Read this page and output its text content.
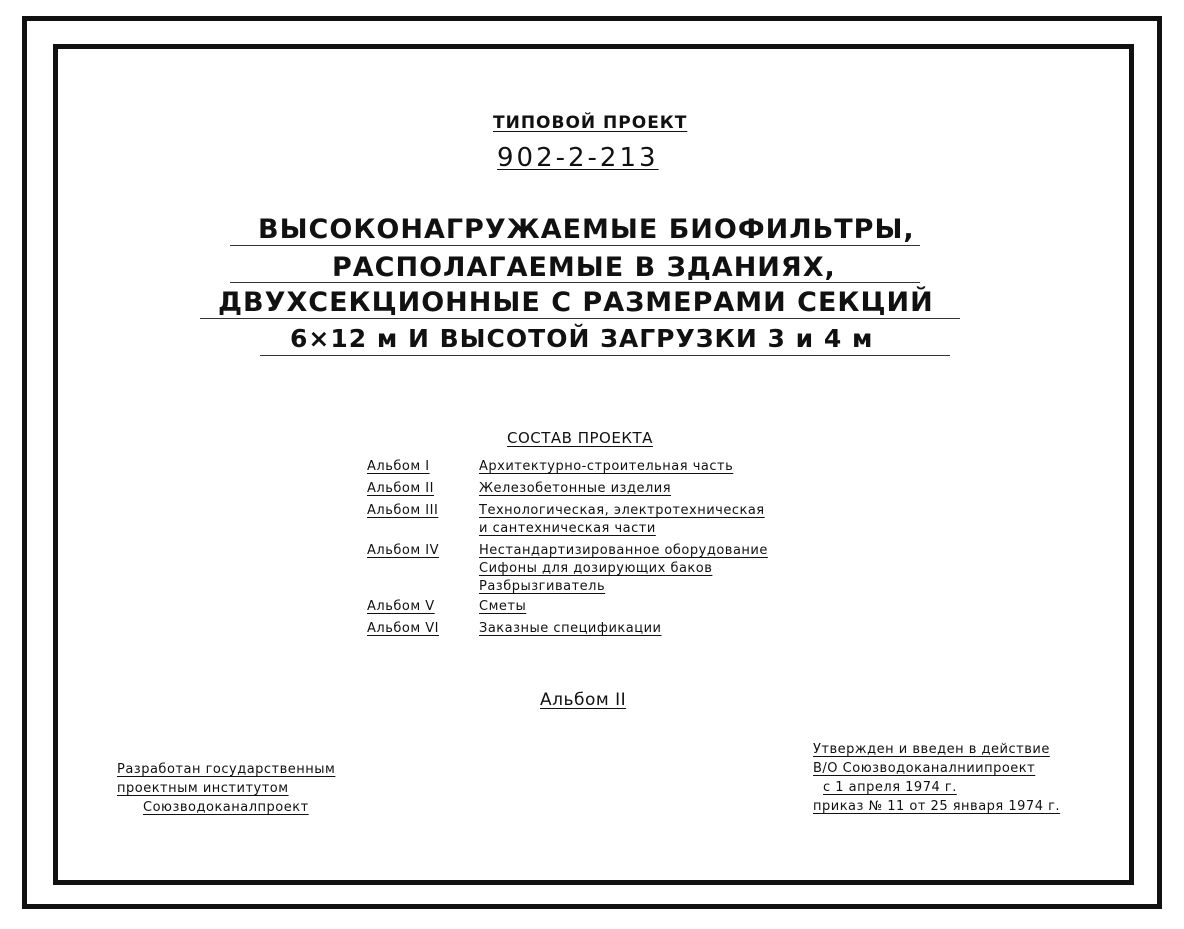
ТИПОВОЙ ПРОЕКТ
902-2-213
ВЫСОКОНАГРУЖАЕМЫЕ БИОФИЛЬТРЫ,
РАСПОЛАГАЕМЫЕ В ЗДАНИЯХ,
ДВУХСЕКЦИОННЫЕ С РАЗМЕРАМИ СЕКЦИЙ
6×12 м И ВЫСОТОЙ ЗАГРУЗКИ 3 и 4 м
СОСТАВ ПРОЕКТА
Альбом I	Архитектурно-строительная часть
Альбом II	Железобетонные изделия
Альбом III	Технологическая, электротехническая
и сантехническая части
Альбом IV	Нестандартизированное оборудование
Сифоны для дозирующих баков
Разбрызгиватель
Альбом V	Сметы
Альбом VI	Заказные спецификации
Альбом II
Разработан государственным
проектным институтом
Союзводоканалпроект
Утвержден и введен в действие
В/О Союзводоканалниипроект
с 1 апреля 1974 г.
приказ № 11 от 25 января 1974 г.
